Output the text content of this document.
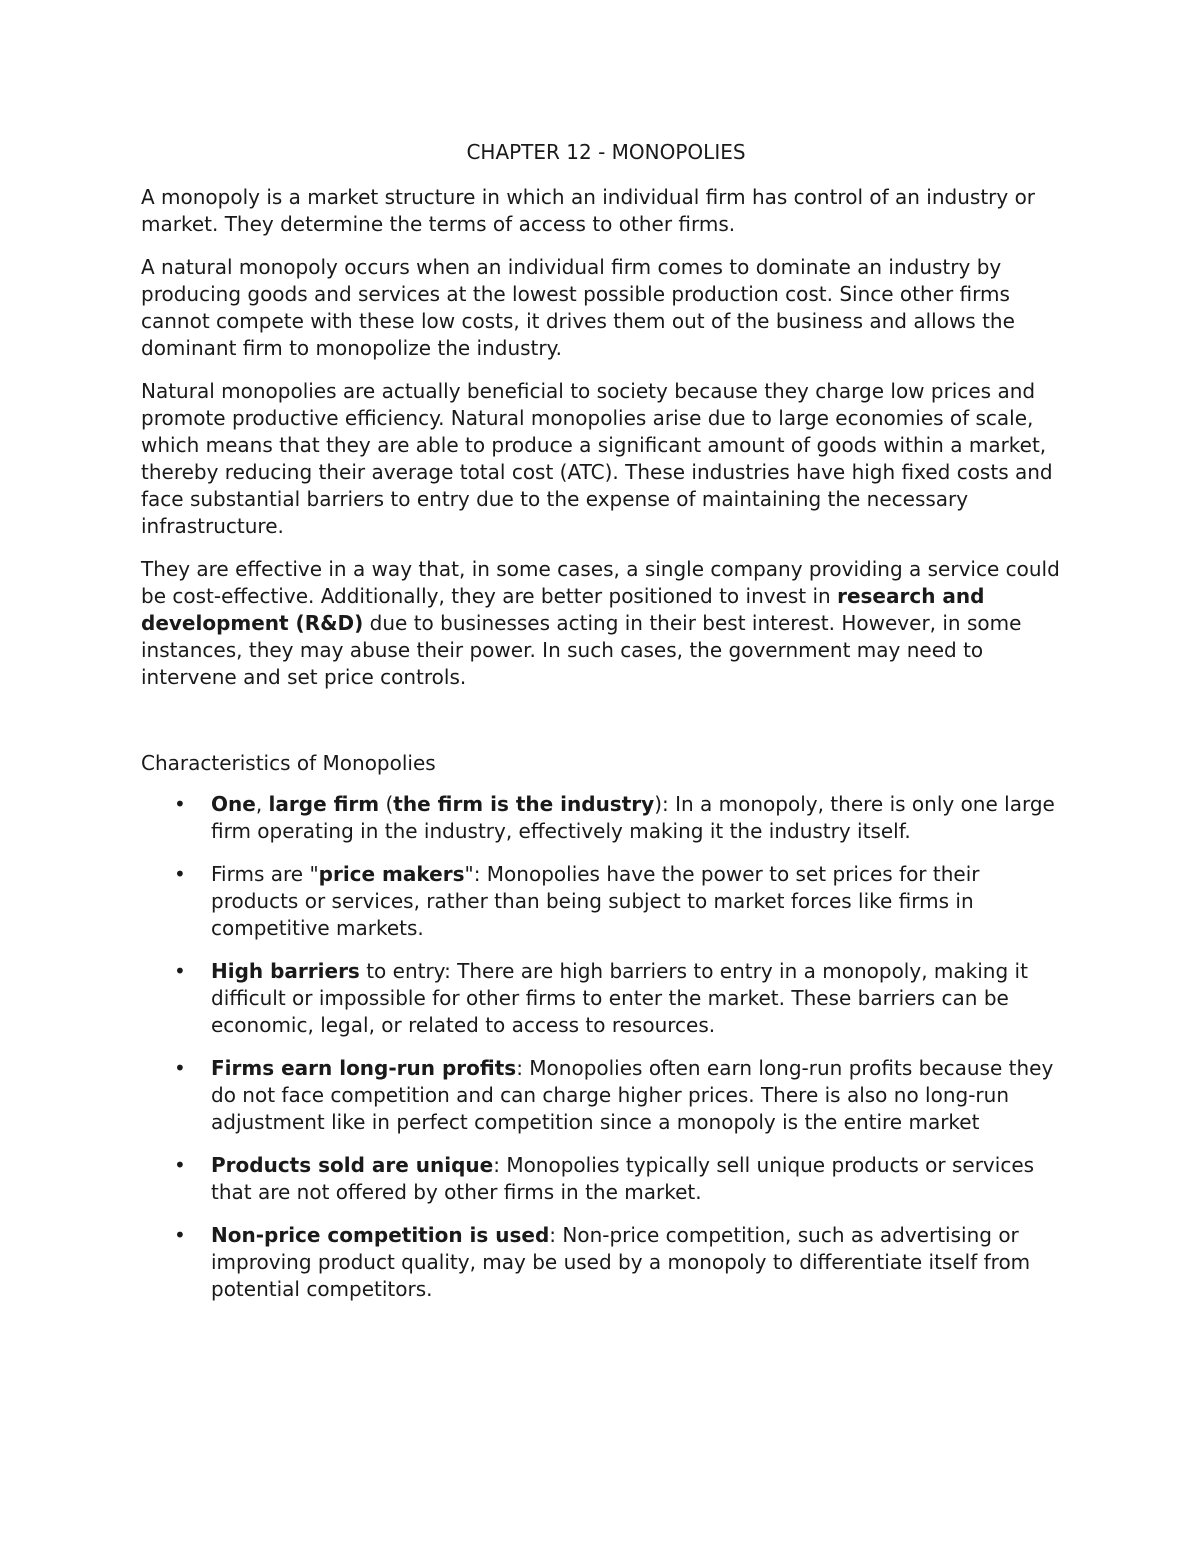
CHAPTER 12 - MONOPOLIES

A monopoly is a market structure in which an individual firm has control of an industry or market. They determine the terms of access to other firms.

A natural monopoly occurs when an individual firm comes to dominate an industry by producing goods and services at the lowest possible production cost. Since other firms cannot compete with these low costs, it drives them out of the business and allows the dominant firm to monopolize the industry.

Natural monopolies are actually beneficial to society because they charge low prices and promote productive efficiency. Natural monopolies arise due to large economies of scale, which means that they are able to produce a significant amount of goods within a market, thereby reducing their average total cost (ATC). These industries have high fixed costs and face substantial barriers to entry due to the expense of maintaining the necessary infrastructure.

They are effective in a way that, in some cases, a single company providing a service could be cost-effective. Additionally, they are better positioned to invest in research and development (R&D) due to businesses acting in their best interest. However, in some instances, they may abuse their power. In such cases, the government may need to intervene and set price controls.

Characteristics of Monopolies
• One, large firm (the firm is the industry): In a monopoly, there is only one large firm operating in the industry, effectively making it the industry itself.
• Firms are "price makers": Monopolies have the power to set prices for their products or services, rather than being subject to market forces like firms in competitive markets.
• High barriers to entry: There are high barriers to entry in a monopoly, making it difficult or impossible for other firms to enter the market. These barriers can be economic, legal, or related to access to resources.
• Firms earn long-run profits: Monopolies often earn long-run profits because they do not face competition and can charge higher prices. There is also no long-run adjustment like in perfect competition since a monopoly is the entire market
• Products sold are unique: Monopolies typically sell unique products or services that are not offered by other firms in the market.
• Non-price competition is used: Non-price competition, such as advertising or improving product quality, may be used by a monopoly to differentiate itself from potential competitors.
